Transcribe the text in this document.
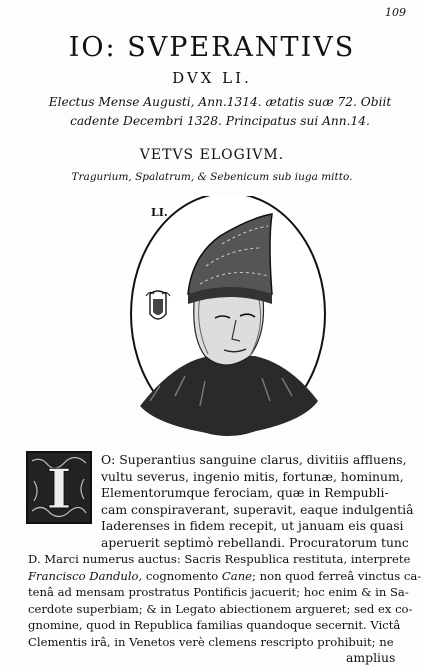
109
IO: SVPERANTIVS
DVX LI.
Electus Mense Augusti, Ann.1314. ætatis suæ 72. Obiit
cadente Decembri 1328. Principatus sui Ann.14.
VETVS ELOGIVM.
Tragurium, Spalatrum, & Sebenicum sub iuga mitto.
LI.
I O: Superantius sanguine clarus, divitiis affluens,
vultu severus, ingenio mitis, fortunæ, hominum,
Elementorumque ferociam, quæ in Rempubli-
cam conspiraverant, superavit, eaque indulgentiâ
Iaderenses in fidem recepit, ut januam eis quasi
aperuerit septimò rebellandi. Procuratorum tunc
D. Marci numerus auctus: Sacris Respublica restituta, interprete
Francisco Dandulo, cognomento Cane; non quod ferreâ vinctus ca-
tenâ ad mensam prostratus Pontificis jacuerit; hoc enim & in Sa-
cerdote superbiam; & in Legato abiectionem argueret; sed ex co-
gnomine, quod in Republica familias quandoque secernit. Victâ
Clementis irâ, in Venetos verè clemens rescripto prohibuit; ne
amplius
